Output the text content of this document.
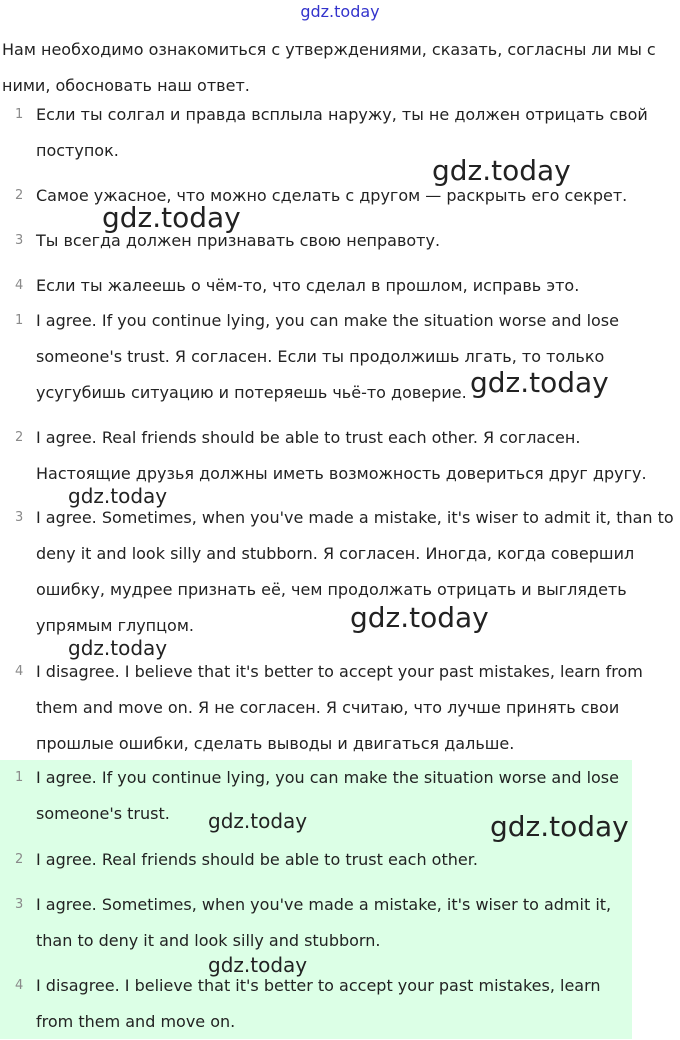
gdz.today
Нам необходимо ознакомиться с утверждениями, сказать, согласны ли мы с ними, обосновать наш ответ.
1 Если ты солгал и правда всплыла наружу, ты не должен отрицать свой поступок.
2 Самое ужасное, что можно сделать с другом — раскрыть его секрет.
3 Ты всегда должен признавать свою неправоту.
4 Если ты жалеешь о чём-то, что сделал в прошлом, исправь это.
1 I agree. If you continue lying, you can make the situation worse and lose someone's trust. Я согласен. Если ты продолжишь лгать, то только усугубишь ситуацию и потеряешь чьё-то доверие.
2 I agree. Real friends should be able to trust each other. Я согласен. Настоящие друзья должны иметь возможность довериться друг другу.
3 I agree. Sometimes, when you've made a mistake, it's wiser to admit it, than to deny it and look silly and stubborn. Я согласен. Иногда, когда совершил ошибку, мудрее признать её, чем продолжать отрицать и выглядеть упрямым глупцом.
4 I disagree. I believe that it's better to accept your past mistakes, learn from them and move on. Я не согласен. Я считаю, что лучше принять свои прошлые ошибки, сделать выводы и двигаться дальше.
1 I agree. If you continue lying, you can make the situation worse and lose someone's trust.
2 I agree. Real friends should be able to trust each other.
3 I agree. Sometimes, when you've made a mistake, it's wiser to admit it, than to deny it and look silly and stubborn.
4 I disagree. I believe that it's better to accept your past mistakes, learn from them and move on.
gdz.today
gdz.today
gdz.today
gdz.today
gdz.today
gdz.today
gdz.today	gdz.today
gdz.today
